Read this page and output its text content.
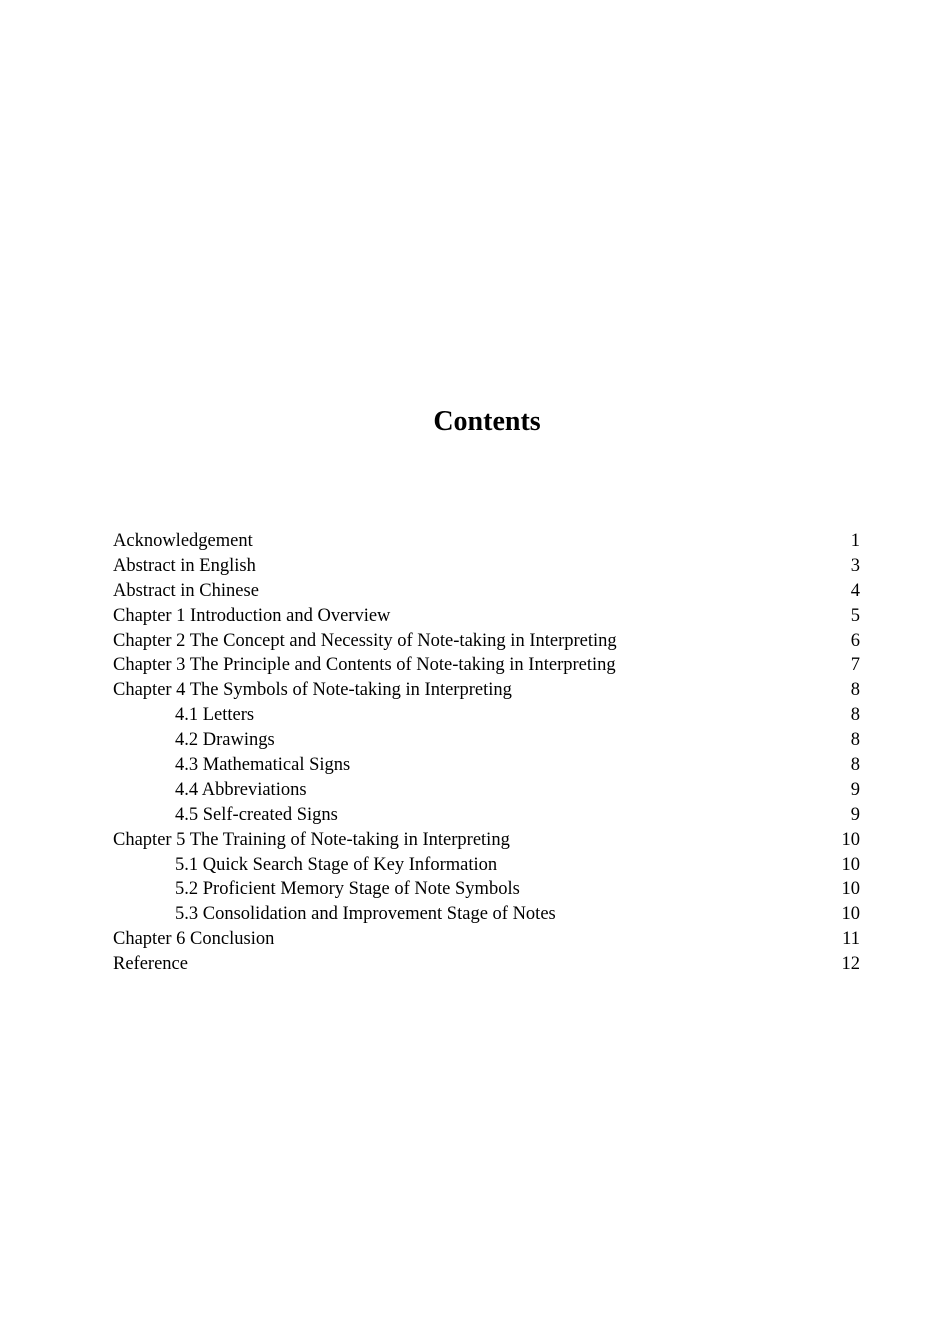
Contents
Acknowledgement	1
Abstract in English	3
Abstract in Chinese	4
Chapter 1 Introduction and Overview	5
Chapter 2 The Concept and Necessity of Note-taking in Interpreting	6
Chapter 3 The Principle and Contents of Note-taking in Interpreting	7
Chapter 4 The Symbols of Note-taking in Interpreting	8
4.1 Letters	8
4.2 Drawings	8
4.3 Mathematical Signs	8
4.4 Abbreviations	9
4.5 Self-created Signs	9
Chapter 5 The Training of Note-taking in Interpreting	10
5.1 Quick Search Stage of Key Information	10
5.2 Proficient Memory Stage of Note Symbols	10
5.3 Consolidation and Improvement Stage of Notes	10
Chapter 6 Conclusion	11
Reference	12
